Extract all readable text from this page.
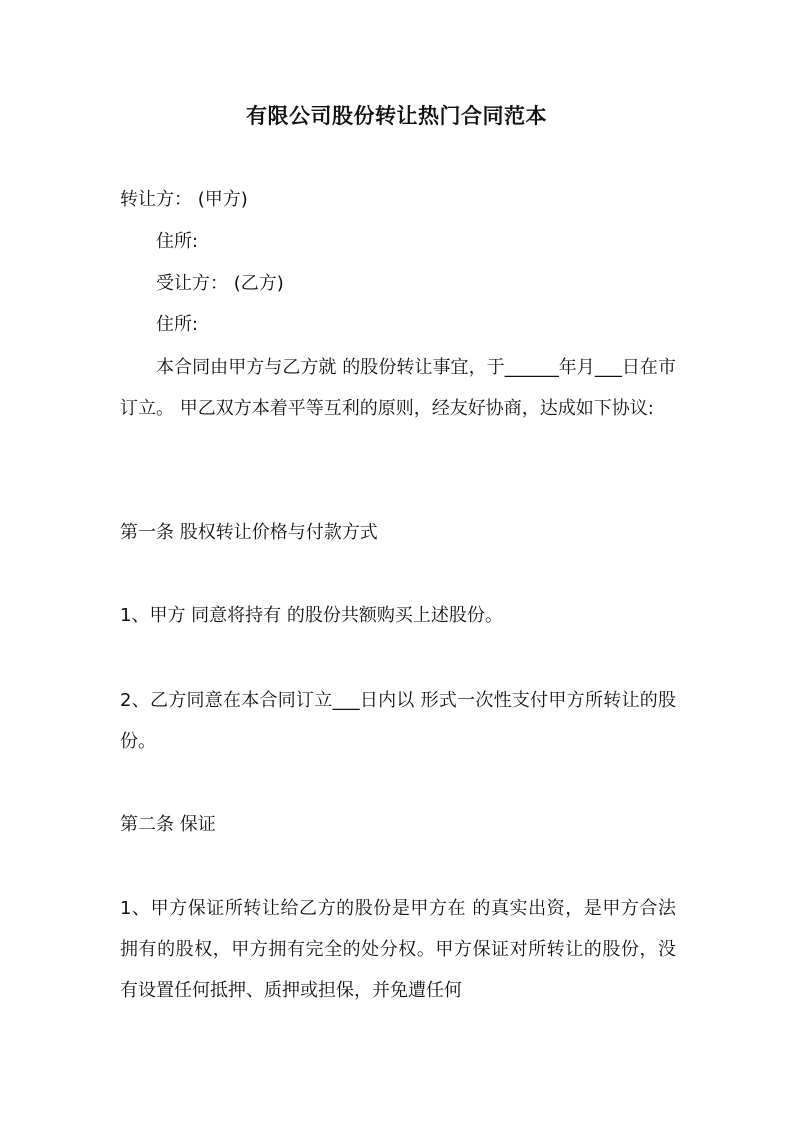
有限公司股份转让热门合同范本
转让方： (甲方)
住所:
受让方： (乙方)
住所:
本合同由甲方与乙方就 的股份转让事宜，于______年月___日在市订立。 甲乙双方本着平等互利的原则，经友好协商，达成如下协议:
第一条 股权转让价格与付款方式
1、甲方 同意将持有 的股份共额购买上述股份。
2、乙方同意在本合同订立___日内以 形式一次性支付甲方所转让的股份。
第二条 保证
1、甲方保证所转让给乙方的股份是甲方在 的真实出资，是甲方合法拥有的股权，甲方拥有完全的处分权。甲方保证对所转让的股份，没有设置任何抵押、质押或担保，并免遭任何
